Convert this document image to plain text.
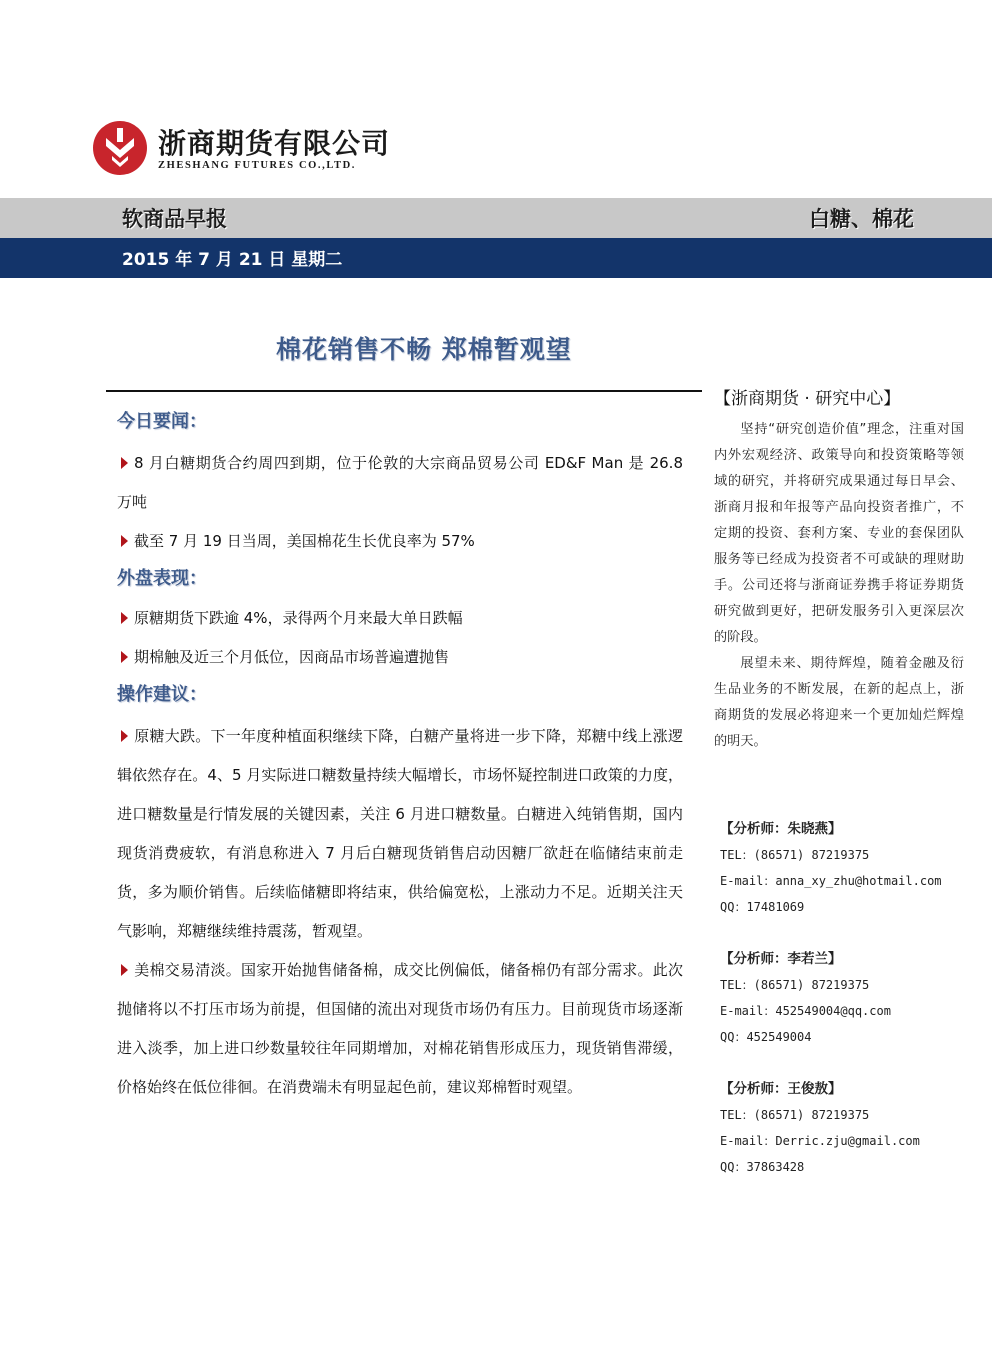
浙商期货有限公司
ZHESHANG FUTURES CO.,LTD.
软商品早报	白糖、棉花
2015 年 7 月 21 日 星期二
棉花销售不畅 郑棉暂观望
今日要闻：

8 月白糖期货合约周四到期，位于伦敦的大宗商品贸易公司 ED&F Man 是 26.8 万吨

截至 7 月 19 日当周，美国棉花生长优良率为 57%

外盘表现：

原糖期货下跌逾 4%，录得两个月来最大单日跌幅

期棉触及近三个月低位，因商品市场普遍遭抛售

操作建议：

原糖大跌。下一年度种植面积继续下降，白糖产量将进一步下降，郑糖中线上涨逻辑依然存在。4、5 月实际进口糖数量持续大幅增长，市场怀疑控制进口政策的力度，进口糖数量是行情发展的关键因素，关注 6 月进口糖数量。白糖进入纯销售期，国内现货消费疲软，有消息称进入 7 月后白糖现货销售启动因糖厂欲赶在临储结束前走货，多为顺价销售。后续临储糖即将结束，供给偏宽松，上涨动力不足。近期关注天气影响，郑糖继续维持震荡，暂观望。

美棉交易清淡。国家开始抛售储备棉，成交比例偏低，储备棉仍有部分需求。此次抛储将以不打压市场为前提，但国储的流出对现货市场仍有压力。目前现货市场逐渐进入淡季，加上进口纱数量较往年同期增加，对棉花销售形成压力，现货销售滞缓，价格始终在低位徘徊。在消费端未有明显起色前，建议郑棉暂时观望。

【浙商期货 · 研究中心】

坚持“研究创造价值”理念，注重对国内外宏观经济、政策导向和投资策略等领域的研究，并将研究成果通过每日早会、浙商月报和年报等产品向投资者推广，不定期的投资、套利方案、专业的套保团队服务等已经成为投资者不可或缺的理财助手。公司还将与浙商证券携手将证券期货研究做到更好，把研发服务引入更深层次的阶段。

展望未来、期待辉煌，随着金融及衍生品业务的不断发展，在新的起点上，浙商期货的发展必将迎来一个更加灿烂辉煌的明天。

【分析师：朱晓燕】
TEL：(86571) 87219375
E-mail：anna_xy_zhu@hotmail.com
QQ：17481069
【分析师：李若兰】
TEL：(86571) 87219375
E-mail：452549004@qq.com
QQ：452549004
【分析师：王俊敖】
TEL：(86571) 87219375
E-mail：Derric.zju@gmail.com
QQ：37863428
